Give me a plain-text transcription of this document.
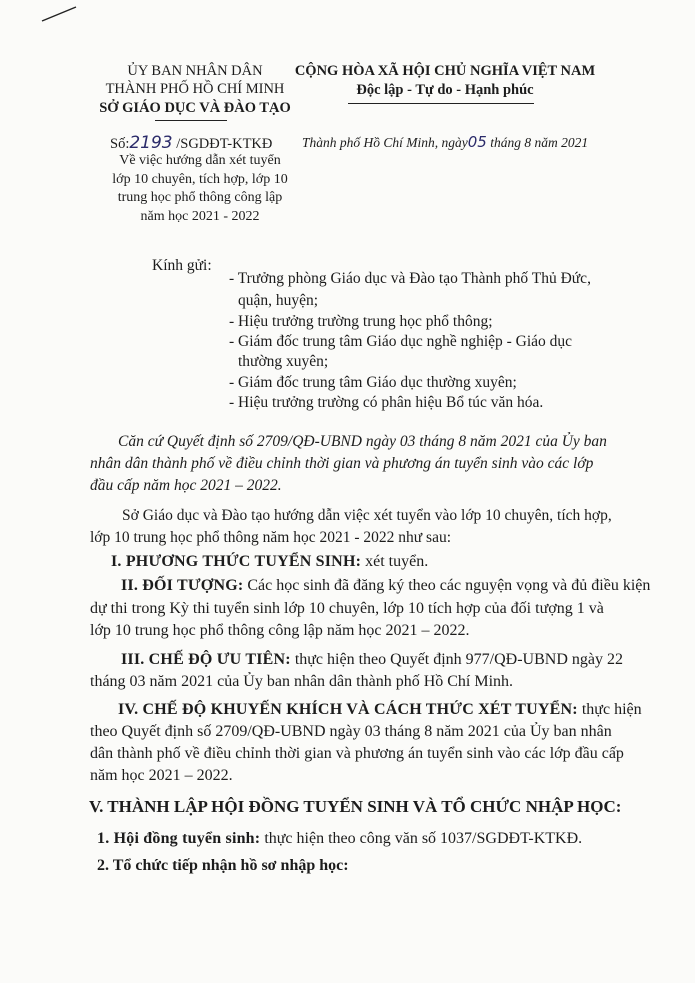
ỦY BAN NHÂN DÂN
THÀNH PHỐ HỒ CHÍ MINH
SỞ GIÁO DỤC VÀ ĐÀO TẠO
Số:2193 /SGDĐT-KTKĐ
Về việc hướng dẫn xét tuyển
lớp 10 chuyên, tích hợp, lớp 10
trung học phổ thông công lập
năm học 2021 - 2022
CỘNG HÒA XÃ HỘI CHỦ NGHĨA VIỆT NAM
Độc lập - Tự do - Hạnh phúc
Thành phố Hồ Chí Minh, ngày05 tháng 8 năm 2021
Kính gửi:
- Trưởng phòng Giáo dục và Đào tạo Thành phố Thủ Đức,
quận, huyện;
- Hiệu trưởng trường trung học phổ thông;
- Giám đốc trung tâm Giáo dục nghề nghiệp - Giáo dục
thường xuyên;
- Giám đốc trung tâm Giáo dục thường xuyên;
- Hiệu trưởng trường có phân hiệu Bổ túc văn hóa.
Căn cứ Quyết định số 2709/QĐ-UBND ngày 03 tháng 8 năm 2021 của Ủy ban
nhân dân thành phố về điều chỉnh thời gian và phương án tuyển sinh vào các lớp
đầu cấp năm học 2021 – 2022.
Sở Giáo dục và Đào tạo hướng dẫn việc xét tuyển vào lớp 10 chuyên, tích hợp,
lớp 10 trung học phổ thông năm học 2021 - 2022 như sau:
I. PHƯƠNG THỨC TUYỂN SINH: xét tuyển.
II. ĐỐI TƯỢNG: Các học sinh đã đăng ký theo các nguyện vọng và đủ điều kiện
dự thi trong Kỳ thi tuyển sinh lớp 10 chuyên, lớp 10 tích hợp của đối tượng 1 và
lớp 10 trung học phổ thông công lập năm học 2021 – 2022.
III. CHẾ ĐỘ ƯU TIÊN: thực hiện theo Quyết định 977/QĐ-UBND ngày 22
tháng 03 năm 2021 của Ủy ban nhân dân thành phố Hồ Chí Minh.
IV. CHẾ ĐỘ KHUYẾN KHÍCH VÀ CÁCH THỨC XÉT TUYỂN: thực hiện
theo Quyết định số 2709/QĐ-UBND ngày 03 tháng 8 năm 2021 của Ủy ban nhân
dân thành phố về điều chỉnh thời gian và phương án tuyển sinh vào các lớp đầu cấp
năm học 2021 – 2022.
V. THÀNH LẬP HỘI ĐỒNG TUYỂN SINH VÀ TỔ CHỨC NHẬP HỌC:
1. Hội đồng tuyển sinh: thực hiện theo công văn số 1037/SGDĐT-KTKĐ.
2. Tổ chức tiếp nhận hồ sơ nhập học:
